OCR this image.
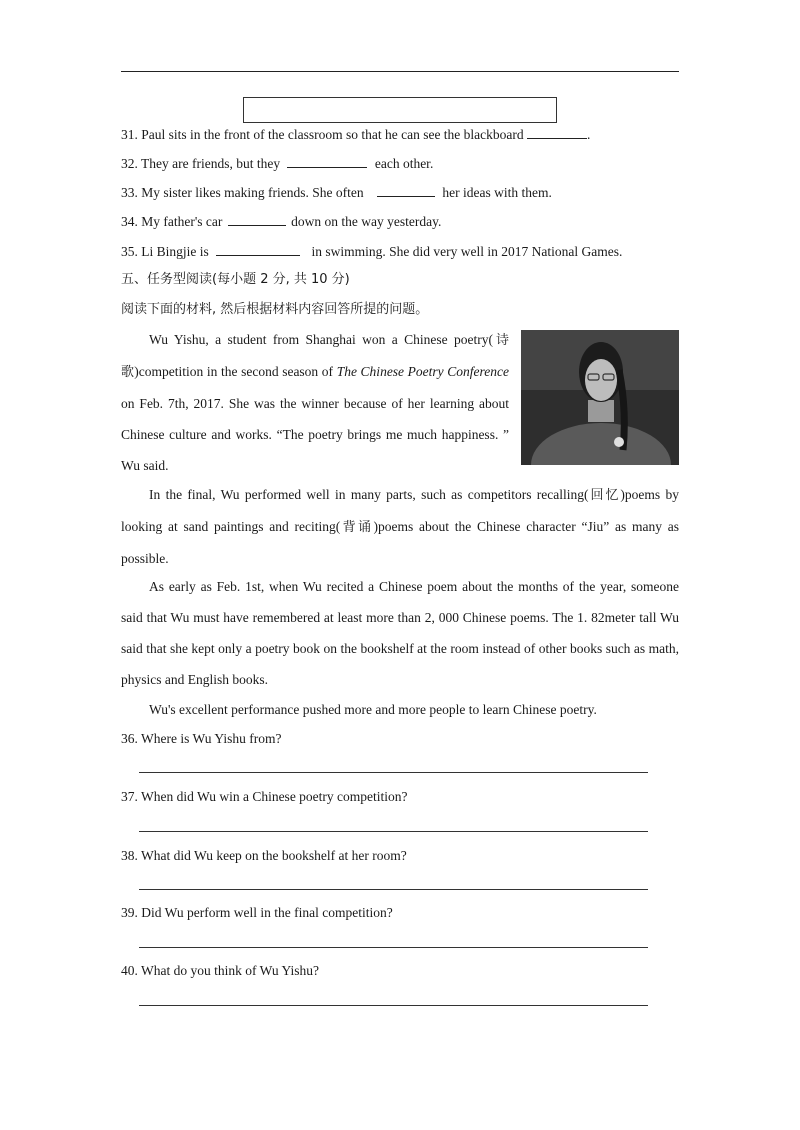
31. Paul sits in the front of the classroom so that he can see the blackboard	.
32. They are friends, but they	each other.
33. My sister likes making friends. She often	her ideas with them.
34. My father's car	down on the way yesterday.
35. Li Bingjie is	in swimming. She did very well in 2017 National Games.
五、任务型阅读(每小题 2 分, 共 10 分)
阅读下面的材料, 然后根据材料内容回答所提的问题。

Wu Yishu, a student from Shanghai won a Chinese poetry(诗歌)competition in the second season of The Chinese Poetry Conference on Feb. 7th, 2017. She was the winner because of her learning about Chinese culture and works. “The poetry brings me much happiness. ” Wu said.

In the final, Wu performed well in many parts, such as competitors recalling(回忆)poems by looking at sand paintings and reciting(背诵)poems about the Chinese character “Jiu” as many as possible.

As early as Feb. 1st, when Wu recited a Chinese poem about the months of the year, someone said that Wu must have remembered at least more than 2, 000 Chinese poems. The 1. 82meter tall Wu said that she kept only a poetry book on the bookshelf at the room instead of other books such as math, physics and English books.

Wu's excellent performance pushed more and more people to learn Chinese poetry.

36. Where is Wu Yishu from?
37. When did Wu win a Chinese poetry competition?
38. What did Wu keep on the bookshelf at her room?
39. Did Wu perform well in the final competition?
40. What do you think of Wu Yishu?
